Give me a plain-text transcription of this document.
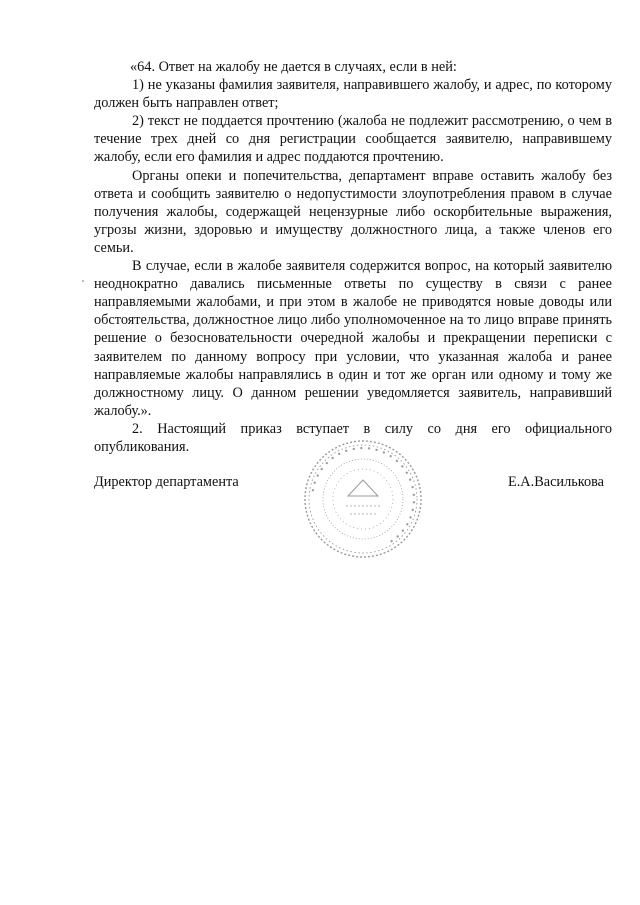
«64. Ответ на жалобу не дается в случаях, если в ней:

1) не указаны фамилия заявителя, направившего жалобу, и адрес, по которому должен быть направлен ответ;

2) текст не поддается прочтению (жалоба не подлежит рассмотрению, о чем в течение трех дней со дня регистрации сообщается заявителю, направившему жалобу, если его фамилия и адрес поддаются прочтению.

Органы опеки и попечительства, департамент вправе оставить жалобу без ответа и сообщить заявителю о недопустимости злоупотребления правом в случае получения жалобы, содержащей нецензурные либо оскорбительные выражения, угрозы жизни, здоровью и имуществу должностного лица, а также членов его семьи.

В случае, если в жалобе заявителя содержится вопрос, на который заявителю неоднократно давались письменные ответы по существу в связи с ранее направляемыми жалобами, и при этом в жалобе не приводятся новые доводы или обстоятельства, должностное лицо либо уполномоченное на то лицо вправе принять решение о безосновательности очередной жалобы и прекращении переписки с заявителем по данному вопросу при условии, что указанная жалоба и ранее направляемые жалобы направлялись в один и тот же орган или одному и тому же должностному лицу. О данном решении уведомляется заявитель, направивший жалобу.».

2. Настоящий приказ вступает в силу со дня его официального опубликования.

Директор департамента	Е.А.Василькова
• • • • • • • • • • • • • • • • • • • • • • • • • • •
